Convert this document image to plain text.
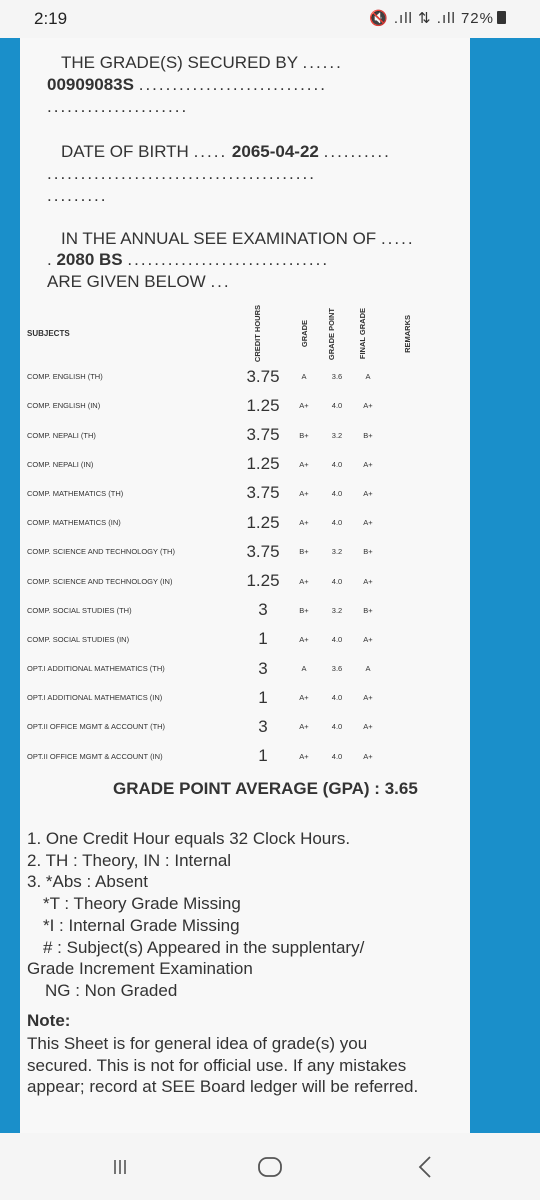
2:19	🔇 .ıll ⇅ .ıll 72%
THE GRADE(S) SECURED BY ......
00909083S ............................
.....................
DATE OF BIRTH ..... 2065-04-22 ..........
........................................
.........
IN THE ANNUAL SEE EXAMINATION OF .....
. 2080 BS ..............................
ARE GIVEN BELOW ...
SUBJECTS	CREDIT HOURS	GRADE	GRADE POINT	FINAL GRADE	REMARKS

COMP. ENGLISH (TH)	3.75	A	3.6	A	
COMP. ENGLISH (IN)	1.25	A+	4.0	A+	
COMP. NEPALI (TH)	3.75	B+	3.2	B+	
COMP. NEPALI (IN)	1.25	A+	4.0	A+	
COMP. MATHEMATICS (TH)	3.75	A+	4.0	A+	
COMP. MATHEMATICS (IN)	1.25	A+	4.0	A+	
COMP. SCIENCE AND TECHNOLOGY (TH)	3.75	B+	3.2	B+	
COMP. SCIENCE AND TECHNOLOGY (IN)	1.25	A+	4.0	A+	
COMP. SOCIAL STUDIES (TH)	3	B+	3.2	B+	
COMP. SOCIAL STUDIES (IN)	1	A+	4.0	A+	
OPT.I ADDITIONAL MATHEMATICS (TH)	3	A	3.6	A	
OPT.I ADDITIONAL MATHEMATICS (IN)	1	A+	4.0	A+	
OPT.II OFFICE MGMT & ACCOUNT (TH)	3	A+	4.0	A+	
OPT.II OFFICE MGMT & ACCOUNT (IN)	1	A+	4.0	A+	
GRADE POINT AVERAGE (GPA) : 3.65
1. One Credit Hour equals 32 Clock Hours.
2. TH : Theory, IN : Internal
3. *Abs : Absent
*T : Theory Grade Missing
*I : Internal Grade Missing
# : Subject(s) Appeared in the supplentary/
Grade Increment Examination
NG : Non Graded
Note:
This Sheet is for general idea of grade(s) you secured. This is not for official use. If any mistakes appear; record at SEE Board ledger will be referred.
